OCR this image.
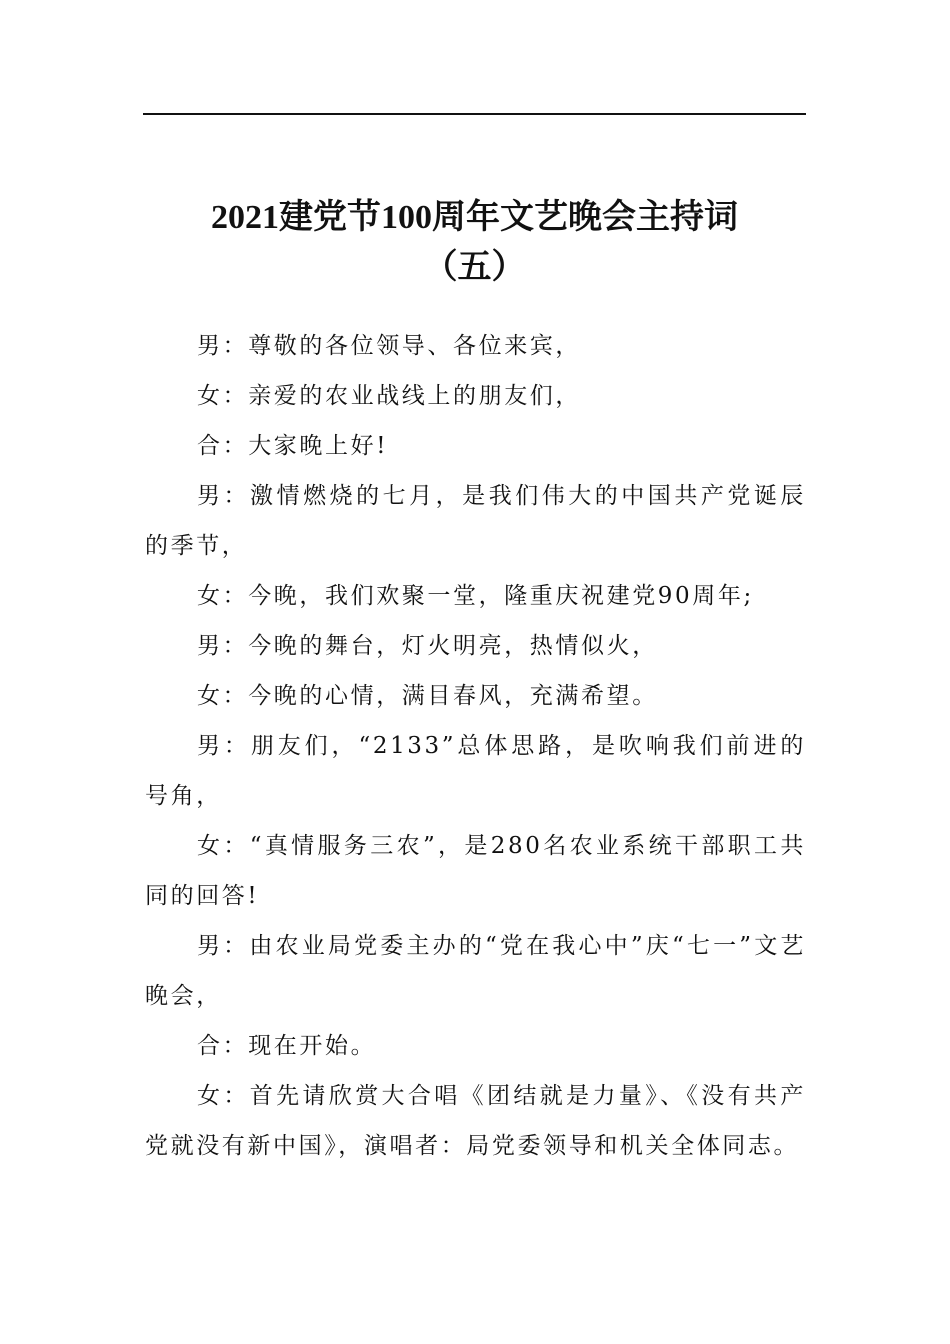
2021建党节100周年文艺晚会主持词
（五）

男：尊敬的各位领导、各位来宾，

女：亲爱的农业战线上的朋友们，

合：大家晚上好!

男：激情燃烧的七月，是我们伟大的中国共产党诞辰的季节，

女：今晚，我们欢聚一堂，隆重庆祝建党90周年;

男：今晚的舞台，灯火明亮，热情似火，

女：今晚的心情，满目春风，充满希望。

男：朋友们，“2133”总体思路，是吹响我们前进的号角，

女：“真情服务三农”，是280名农业系统干部职工共同的回答!

男：由农业局党委主办的“党在我心中”庆“七一”文艺晚会，

合：现在开始。

女：首先请欣赏大合唱《团结就是力量》、《没有共产党就没有新中国》，演唱者：局党委领导和机关全体同志。
